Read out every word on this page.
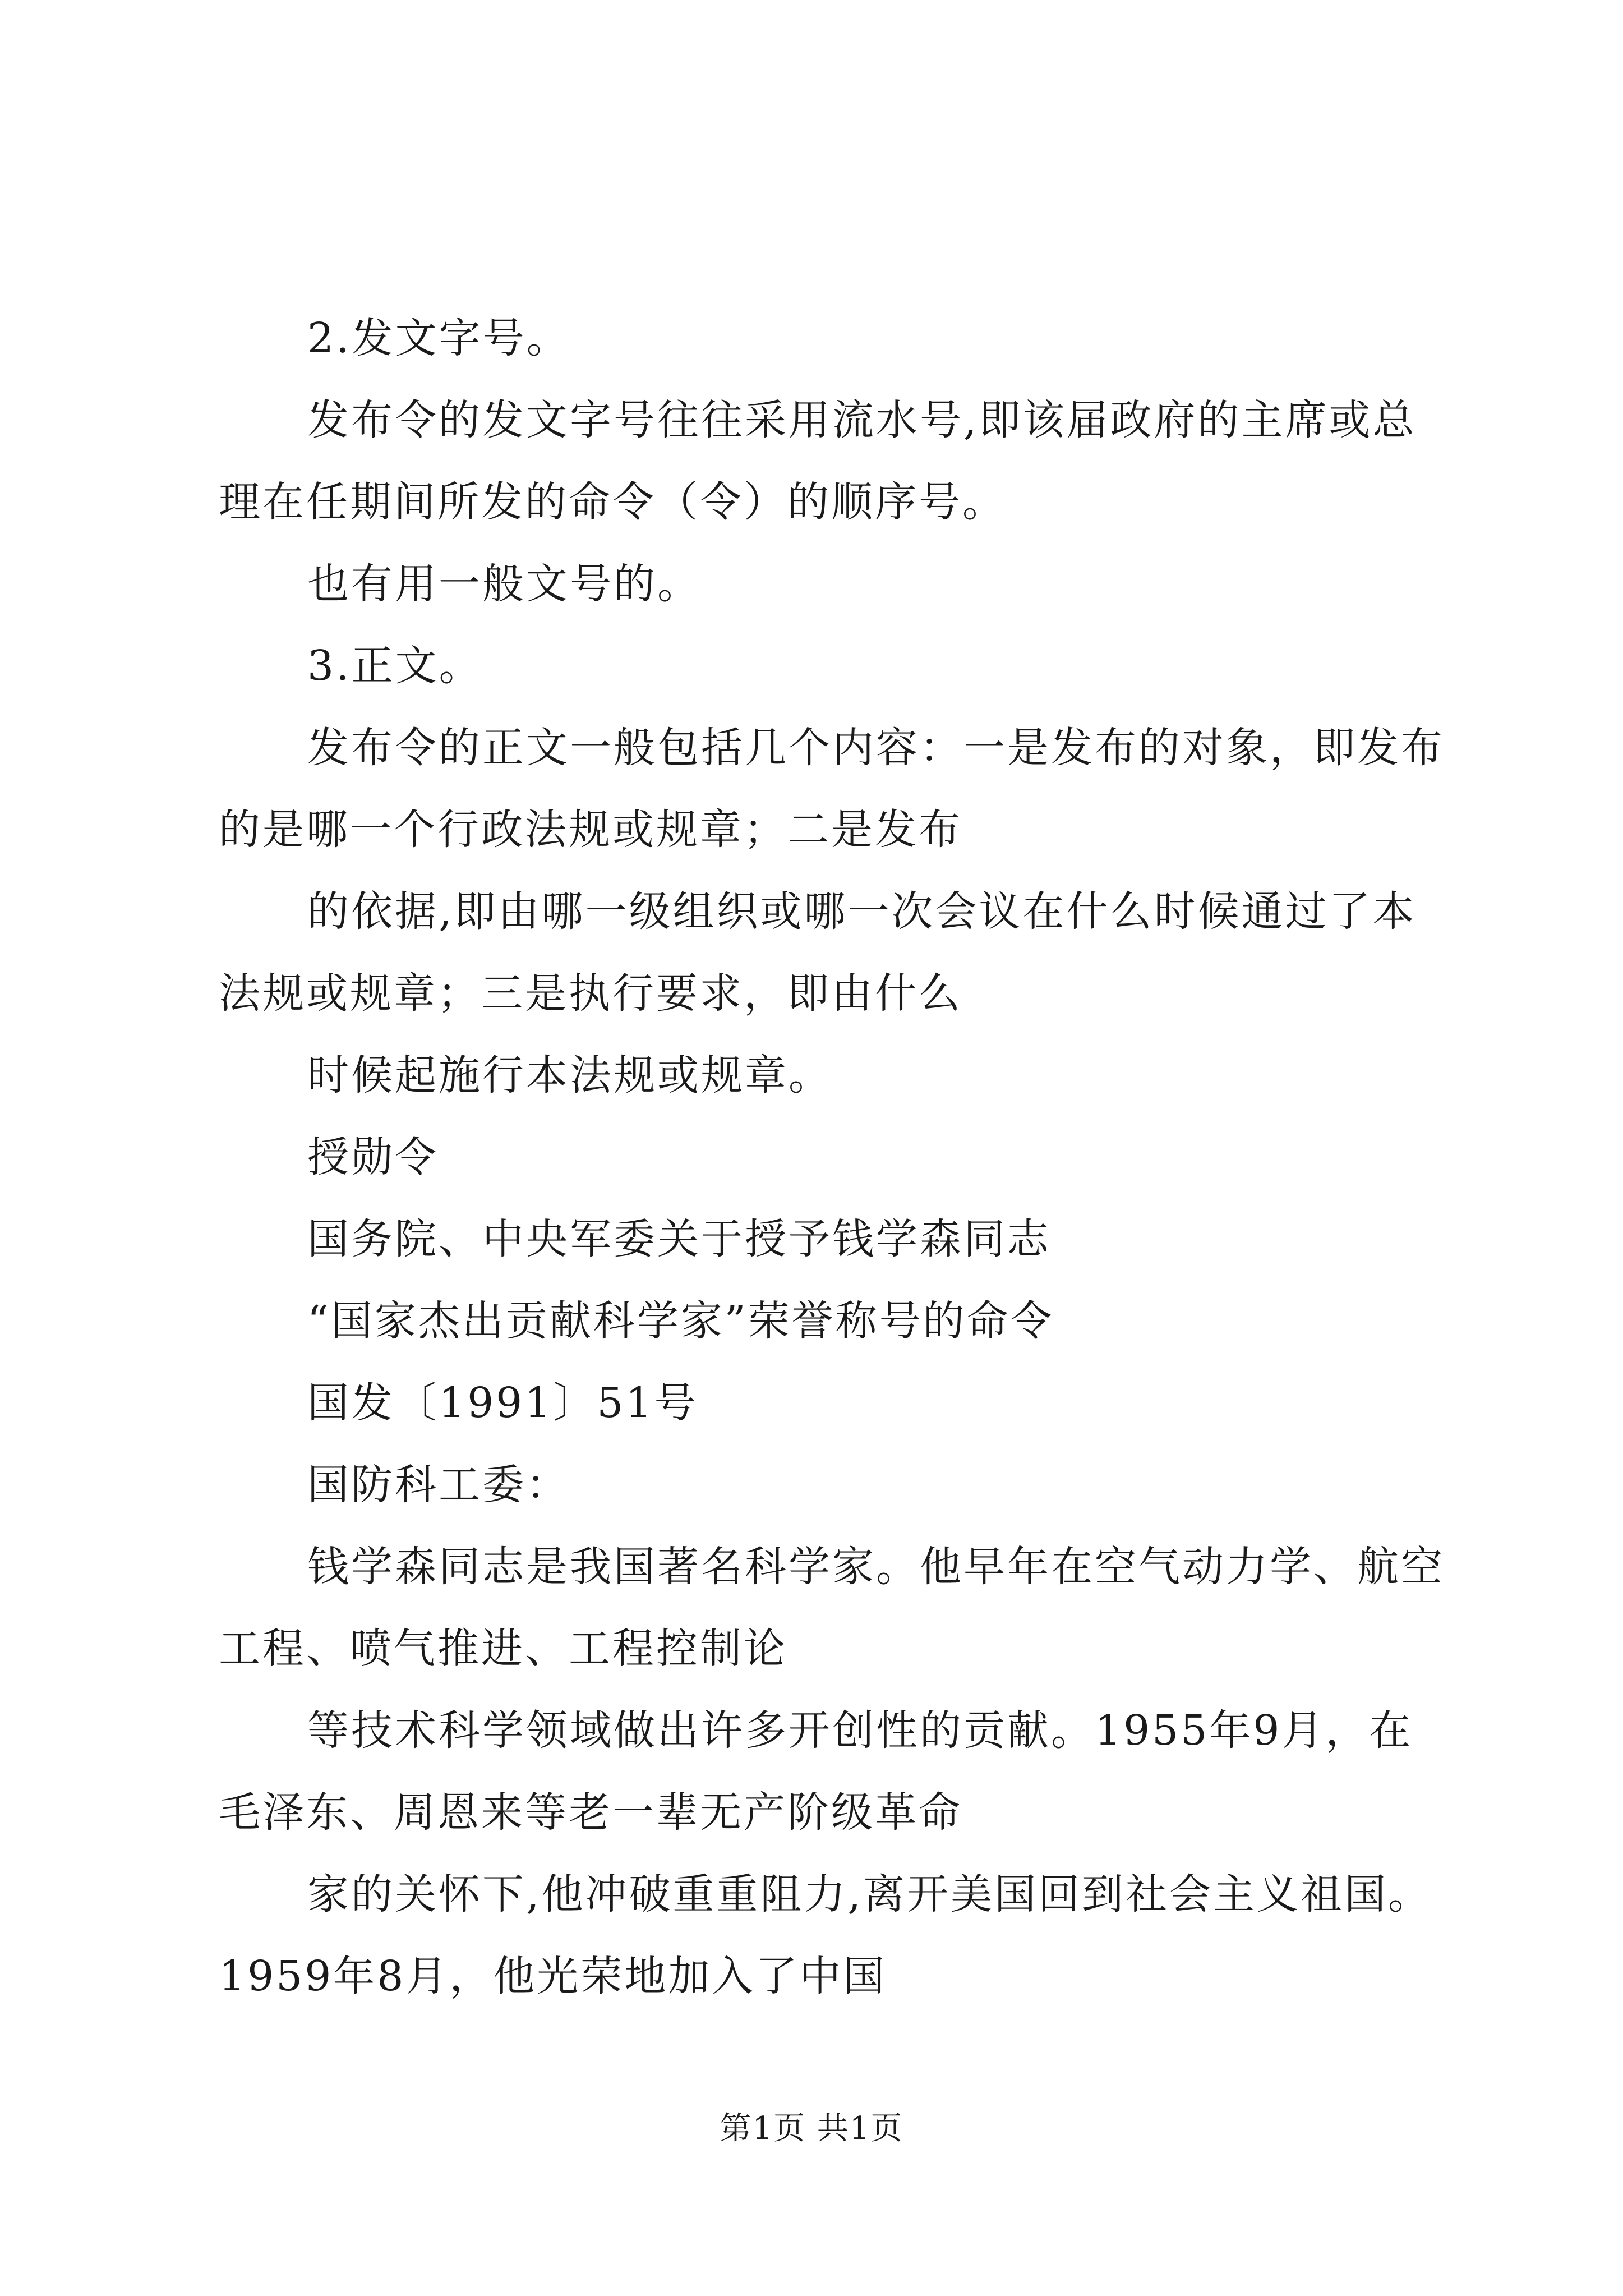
2.发文字号。
发布令的发文字号往往采用流水号,即该届政府的主席或总
理在任期间所发的命令（令）的顺序号。
也有用一般文号的。
3.正文。
发布令的正文一般包括几个内容：一是发布的对象，即发布
的是哪一个行政法规或规章；二是发布
的依据,即由哪一级组织或哪一次会议在什么时候通过了本
法规或规章；三是执行要求，即由什么
时候起施行本法规或规章。
授勋令
国务院、中央军委关于授予钱学森同志
“国家杰出贡献科学家”荣誉称号的命令
国发〔1991〕51号
国防科工委：
钱学森同志是我国著名科学家。他早年在空气动力学、航空
工程、喷气推进、工程控制论
等技术科学领域做出许多开创性的贡献。1955年9月，在
毛泽东、周恩来等老一辈无产阶级革命
家的关怀下,他冲破重重阻力,离开美国回到社会主义祖国。
1959年8月，他光荣地加入了中国
第1页 共1页
